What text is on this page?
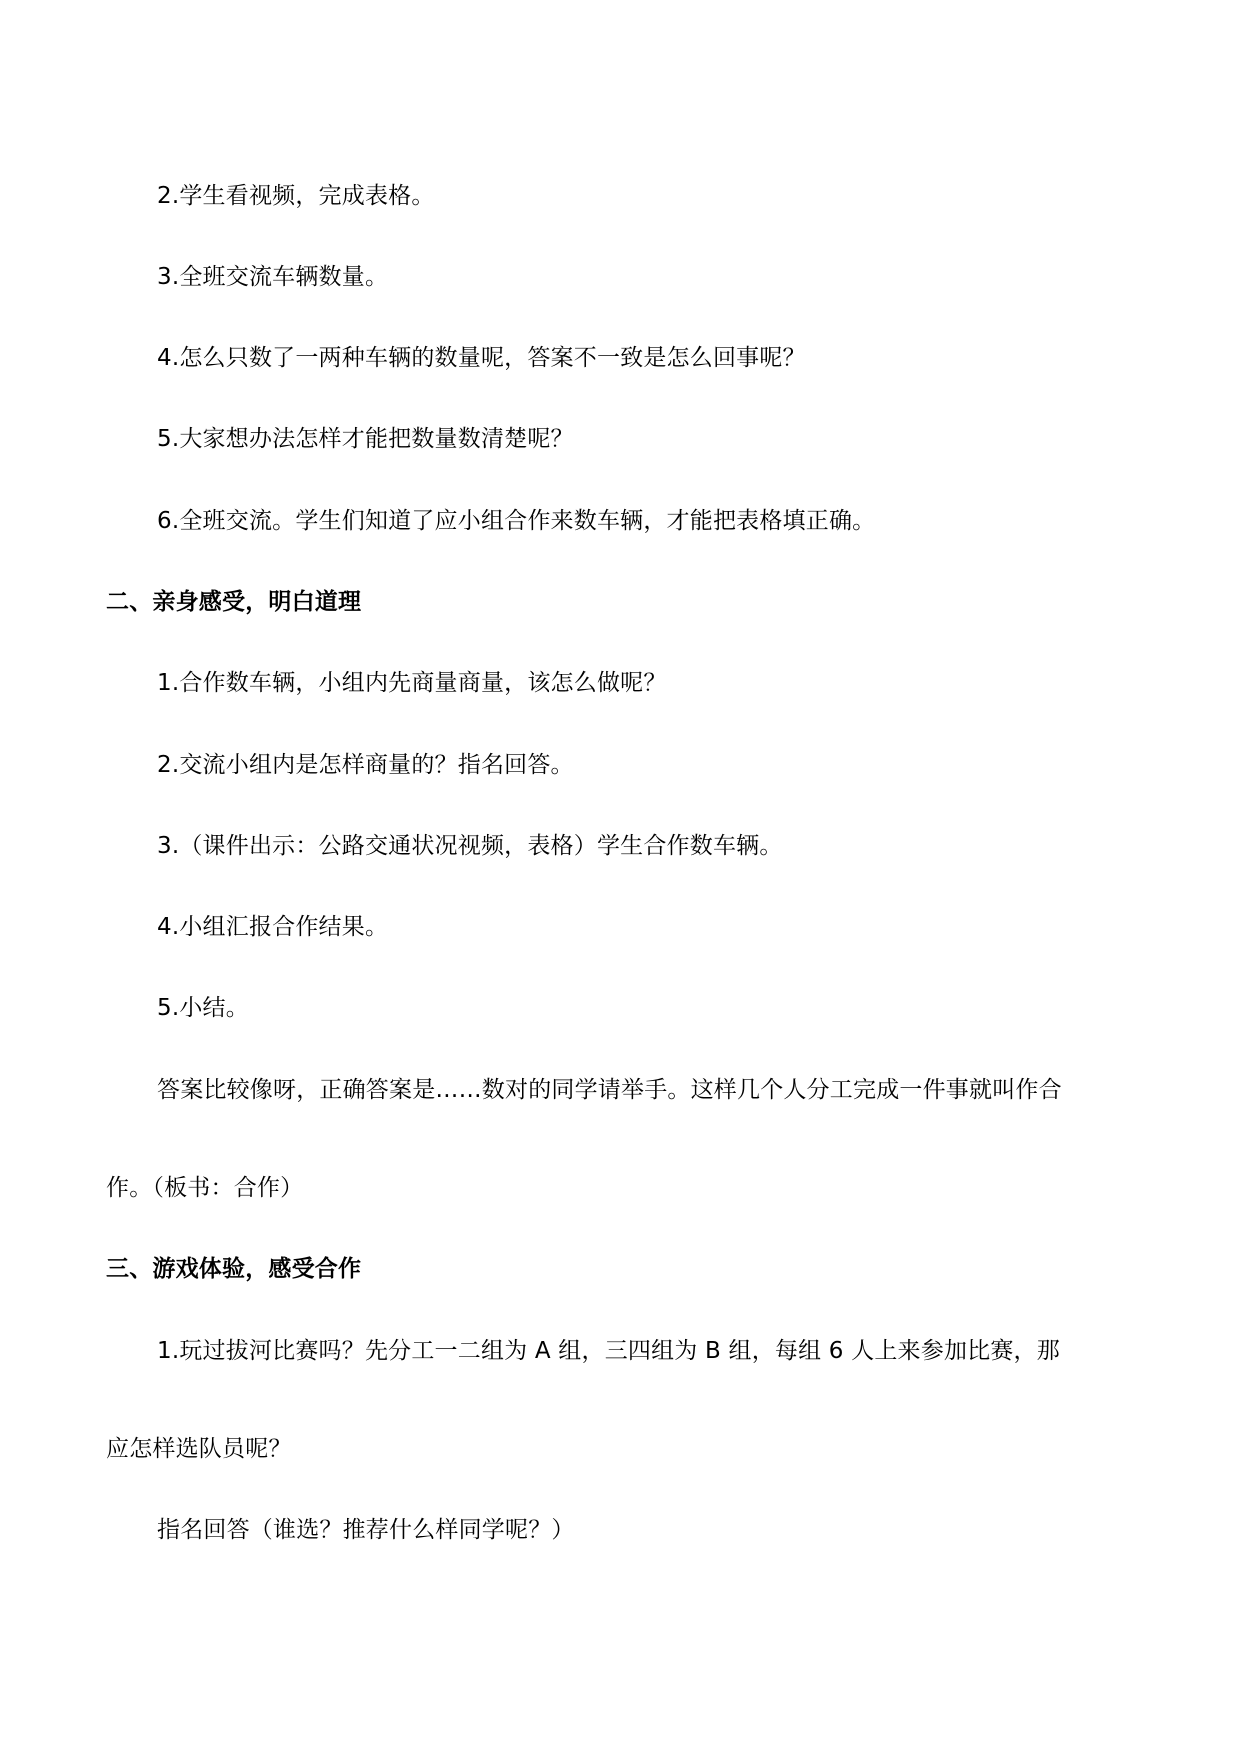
2.学生看视频，完成表格。
3.全班交流车辆数量。
4.怎么只数了一两种车辆的数量呢，答案不一致是怎么回事呢？
5.大家想办法怎样才能把数量数清楚呢？
6.全班交流。学生们知道了应小组合作来数车辆，才能把表格填正确。
二、亲身感受，明白道理
1.合作数车辆，小组内先商量商量，该怎么做呢？
2.交流小组内是怎样商量的？指名回答。
3.（课件出示：公路交通状况视频，表格）学生合作数车辆。
4.小组汇报合作结果。
5.小结。
答案比较像呀，正确答案是……数对的同学请举手。这样几个人分工完成一件事就叫作合
作。（板书：合作）
三、游戏体验，感受合作
1.玩过拔河比赛吗？先分工一二组为 A 组，三四组为 B 组，每组 6 人上来参加比赛，那
应怎样选队员呢？
指名回答（谁选？推荐什么样同学呢？）
